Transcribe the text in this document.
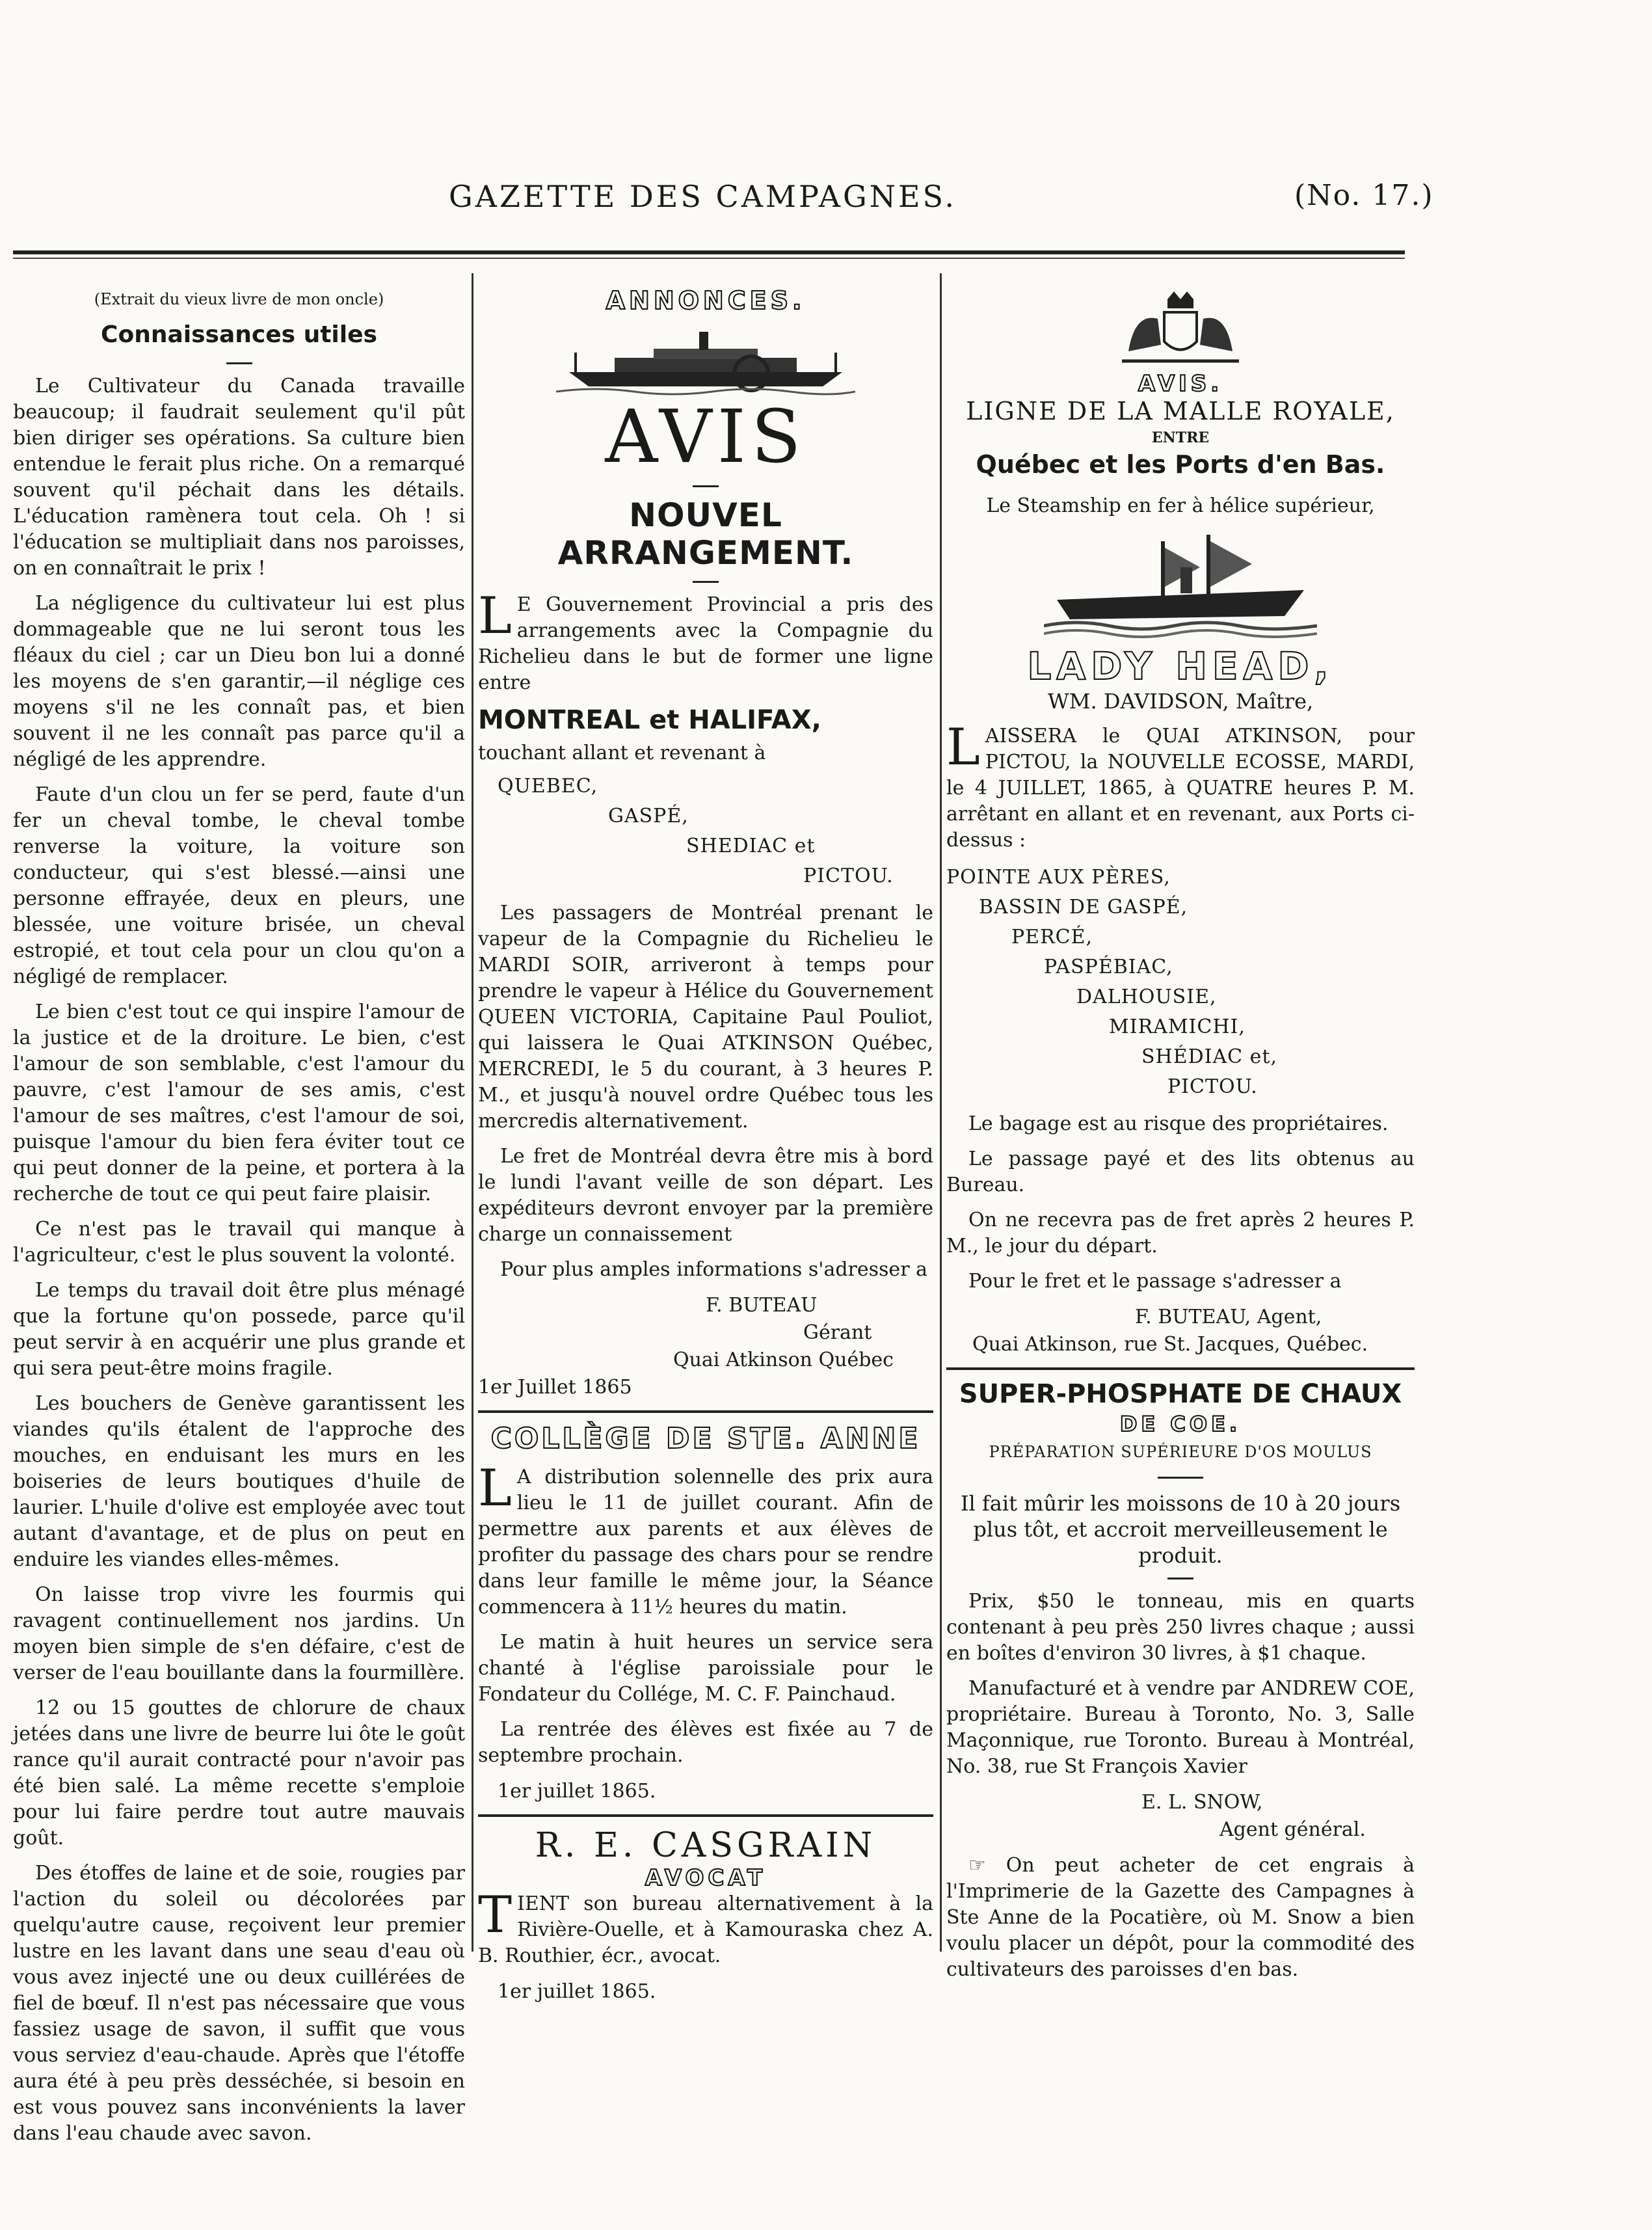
GAZETTE DES CAMPAGNES.	(No. 17.)

(Extrait du vieux livre de mon oncle)

Connaissances utiles

Le Cultivateur du Canada travaille beaucoup; il faudrait seulement qu'il pût bien diriger ses opérations. Sa culture bien entendue le ferait plus riche. On a remarqué souvent qu'il péchait dans les détails. L'éducation ramènera tout cela. Oh ! si l'éducation se multipliait dans nos paroisses, on en connaîtrait le prix !

La négligence du cultivateur lui est plus dommageable que ne lui seront tous les fléaux du ciel ; car un Dieu bon lui a donné les moyens de s'en garantir,—il néglige ces moyens s'il ne les connaît pas, et bien souvent il ne les connaît pas parce qu'il a négligé de les apprendre.

Faute d'un clou un fer se perd, faute d'un fer un cheval tombe, le cheval tombe renverse la voiture, la voiture son conducteur, qui s'est blessé.—ainsi une personne effrayée, deux en pleurs, une blessée, une voiture brisée, un cheval estropié, et tout cela pour un clou qu'on a négligé de remplacer.

Le bien c'est tout ce qui inspire l'amour de la justice et de la droiture. Le bien, c'est l'amour de son semblable, c'est l'amour du pauvre, c'est l'amour de ses amis, c'est l'amour de ses maîtres, c'est l'amour de soi, puisque l'amour du bien fera éviter tout ce qui peut donner de la peine, et portera à la recherche de tout ce qui peut faire plaisir.

Ce n'est pas le travail qui manque à l'agriculteur, c'est le plus souvent la volonté.

Le temps du travail doit être plus ménagé que la fortune qu'on possede, parce qu'il peut servir à en acquérir une plus grande et qui sera peut-être moins fragile.

Les bouchers de Genève garantissent les viandes qu'ils étalent de l'approche des mouches, en enduisant les murs en les boiseries de leurs boutiques d'huile de laurier. L'huile d'olive est employée avec tout autant d'avantage, et de plus on peut en enduire les viandes elles-mêmes.

On laisse trop vivre les fourmis qui ravagent continuellement nos jardins. Un moyen bien simple de s'en défaire, c'est de verser de l'eau bouillante dans la fourmillère.

12 ou 15 gouttes de chlorure de chaux jetées dans une livre de beurre lui ôte le goût rance qu'il aurait contracté pour n'avoir pas été bien salé. La même recette s'emploie pour lui faire perdre tout autre mauvais goût.

Des étoffes de laine et de soie, rougies par l'action du soleil ou décolorées par quelqu'autre cause, reçoivent leur premier lustre en les lavant dans une seau d'eau où vous avez injecté une ou deux cuillérées de fiel de bœuf. Il n'est pas nécessaire que vous fassiez usage de savon, il suffit que vous vous serviez d'eau-chaude. Après que l'étoffe aura été à peu près desséchée, si besoin en est vous pouvez sans inconvénients la laver dans l'eau chaude avec savon.

ANNONCES.
AVIS
NOUVEL ARRANGEMENT.

L E Gouvernement Provincial a pris des arrangements avec la Compagnie du Richelieu dans le but de former une ligne entre

MONTREAL et HALIFAX,

touchant allant et revenant à

QUEBEC,

GASPÉ,

SHEDIAC et

PICTOU.

Les passagers de Montréal prenant le vapeur de la Compagnie du Richelieu le MARDI SOIR, arriveront à temps pour prendre le vapeur à Hélice du Gouvernement QUEEN VICTORIA, Capitaine Paul Pouliot, qui laissera le Quai ATKINSON Québec, MERCREDI, le 5 du courant, à 3 heures P. M., et jusqu'à nouvel ordre Québec tous les mercredis alternativement.

Le fret de Montréal devra être mis à bord le lundi l'avant veille de son départ. Les expéditeurs devront envoyer par la première charge un connaissement

Pour plus amples informations s'adresser a

F. BUTEAU

Gérant

Quai Atkinson Québec

1er Juillet 1865

COLLÈGE DE STE. ANNE

L A distribution solennelle des prix aura lieu le 11 de juillet courant. Afin de permettre aux parents et aux élèves de profiter du passage des chars pour se rendre dans leur famille le même jour, la Séance commencera à 11½ heures du matin.

Le matin à huit heures un service sera chanté à l'église paroissiale pour le Fondateur du Collége, M. C. F. Painchaud.

La rentrée des élèves est fixée au 7 de septembre prochain.

1er juillet 1865.

R. E. CASGRAIN
AVOCAT

TIENT son bureau alternativement à la Rivière-Ouelle, et à Kamouraska chez A. B. Routhier, écr., avocat.

1er juillet 1865.

AVIS.
LIGNE DE LA MALLE ROYALE,
ENTRE
Québec et les Ports d'en Bas.

Le Steamship en fer à hélice supérieur,

LADY HEAD,

WM. DAVIDSON, Maître,

LAISSERA le QUAI ATKINSON, pour PICTOU, la NOUVELLE ECOSSE, MARDI, le 4 JUILLET, 1865, à QUATRE heures P. M. arrêtant en allant et en revenant, aux Ports ci-dessus :

POINTE AUX PÈRES,

BASSIN DE GASPÉ,

PERCÉ,

PASPÉBIAC,

DALHOUSIE,

MIRAMICHI,

SHÉDIAC et,

PICTOU.

Le bagage est au risque des propriétaires.

Le passage payé et des lits obtenus au Bureau.

On ne recevra pas de fret après 2 heures P. M., le jour du départ.

Pour le fret et le passage s'adresser a

F. BUTEAU, Agent,

Quai Atkinson, rue St. Jacques, Québec.

SUPER-PHOSPHATE DE CHAUX
DE COE.

PRÉPARATION SUPÉRIEURE D'OS MOULUS

Il fait mûrir les moissons de 10 à 20 jours plus tôt, et accroit merveilleusement le produit.

Prix, $50 le tonneau, mis en quarts contenant à peu près 250 livres chaque ; aussi en boîtes d'environ 30 livres, à $1 chaque.

Manufacturé et à vendre par ANDREW COE, propriétaire. Bureau à Toronto, No. 3, Salle Maçonnique, rue Toronto. Bureau à Montréal, No. 38, rue St François Xavier

E. L. SNOW,

Agent général.

☞ On peut acheter de cet engrais à l'Imprimerie de la Gazette des Campagnes à Ste Anne de la Pocatière, où M. Snow a bien voulu placer un dépôt, pour la commodité des cultivateurs des paroisses d'en bas.
